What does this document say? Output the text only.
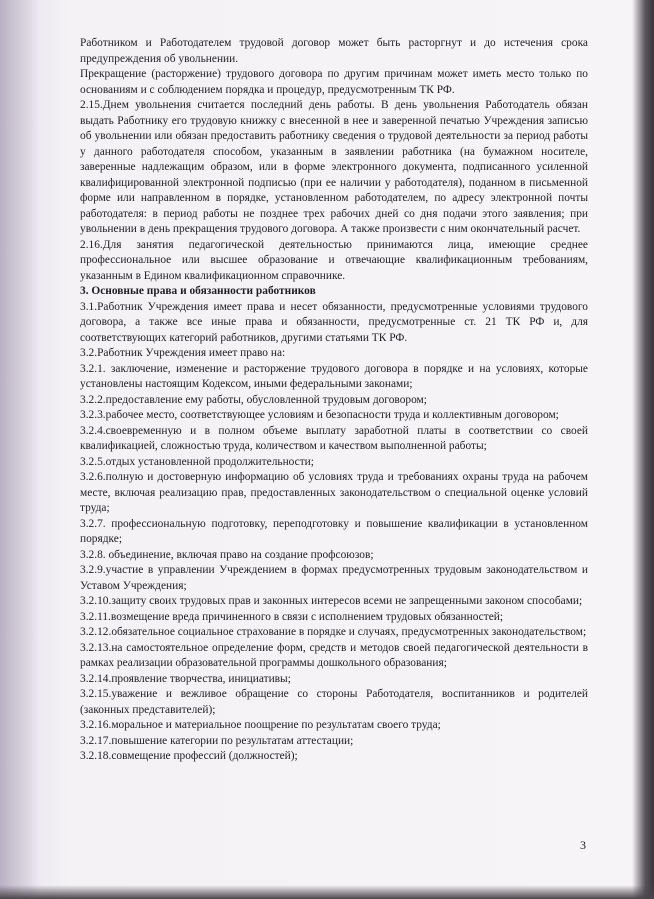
Работником и Работодателем трудовой договор может быть расторгнут и до истечения срока предупреждения об увольнении.

Прекращение (расторжение) трудового договора по другим причинам может иметь место только по основаниям и с соблюдением порядка и процедур, предусмотренным ТК РФ.

2.15.Днем увольнения считается последний день работы. В день увольнения Работодатель обязан выдать Работнику его трудовую книжку с внесенной в нее и заверенной печатью Учреждения записью об увольнении или обязан предоставить работнику сведения о трудовой деятельности за период работы у данного работодателя способом, указанным в заявлении работника (на бумажном носителе, заверенные надлежащим образом, или в форме электронного документа, подписанного усиленной квалифицированной электронной подписью (при ее наличии у работодателя), поданном в письменной форме или направленном в порядке, установленном работодателем, по адресу электронной почты работодателя: в период работы не позднее трех рабочих дней со дня подачи этого заявления; при увольнении в день прекращения трудового договора. А также произвести с ним окончательный расчет.

2.16.Для занятия педагогической деятельностью принимаются лица, имеющие среднее профессиональное или высшее образование и отвечающие квалификационным требованиям, указанным в Едином квалификационном справочнике.

3. Основные права и обязанности работников

3.1.Работник Учреждения имеет права и несет обязанности, предусмотренные условиями трудового договора, а также все иные права и обязанности, предусмотренные ст. 21 ТК РФ и, для соответствующих категорий работников, другими статьями ТК РФ.

3.2.Работник Учреждения имеет право на:

3.2.1. заключение, изменение и расторжение трудового договора в порядке и на условиях, которые установлены настоящим Кодексом, иными федеральными законами;

3.2.2.предоставление ему работы, обусловленной трудовым договором;

3.2.3.рабочее место, соответствующее условиям и безопасности труда и коллективным договором;

3.2.4.своевременную и в полном объеме выплату заработной платы в соответствии со своей квалификацией, сложностью труда, количеством и качеством выполненной работы;

3.2.5.отдых установленной продолжительности;

3.2.6.полную и достоверную информацию об условиях труда и требованиях охраны труда на рабочем месте, включая реализацию прав, предоставленных законодательством о специальной оценке условий труда;

3.2.7. профессиональную подготовку, переподготовку и повышение квалификации в установленном порядке;

3.2.8. объединение, включая право на создание профсоюзов;

3.2.9.участие в управлении Учреждением в формах предусмотренных трудовым законодательством и Уставом Учреждения;

3.2.10.защиту своих трудовых прав и законных интересов всеми не запрещенными законом способами;

3.2.11.возмещение вреда причиненного в связи с исполнением трудовых обязанностей;

3.2.12.обязательное социальное страхование в порядке и случаях, предусмотренных законодательством;

3.2.13.на самостоятельное определение форм, средств и методов своей педагогической деятельности в рамках реализации образовательной программы дошкольного образования;

3.2.14.проявление творчества, инициативы;

3.2.15.уважение и вежливое обращение со стороны Работодателя, воспитанников и родителей (законных представителей);

3.2.16.моральное и материальное поощрение по результатам своего труда;

3.2.17.повышение категории по результатам аттестации;

3.2.18.совмещение профессий (должностей);

3
